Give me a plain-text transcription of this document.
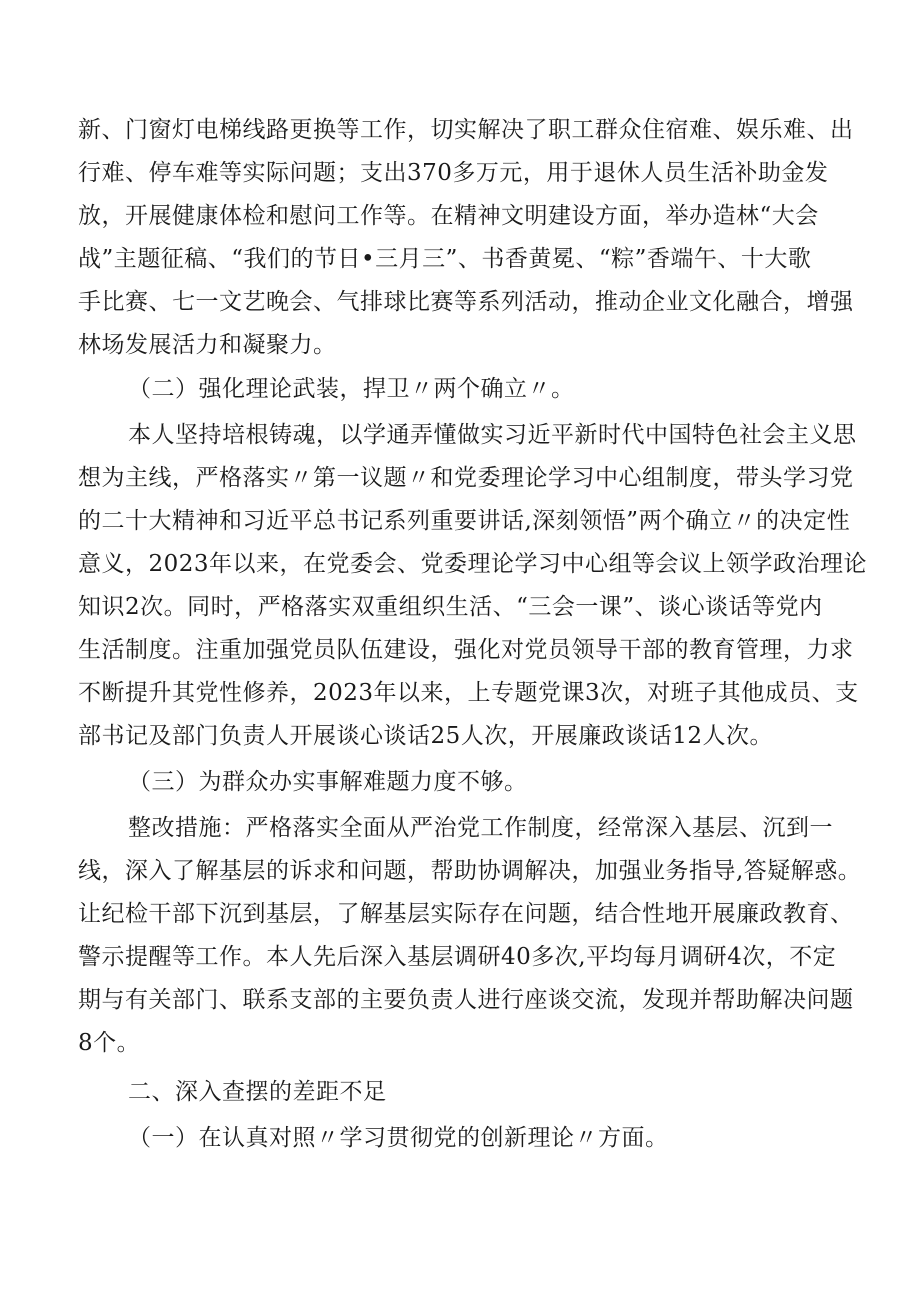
新、门窗灯电梯线路更换等工作，切实解决了职工群众住宿难、娱乐难、出

行难、停车难等实际问题；支出370多万元，用于退休人员生活补助金发

放，开展健康体检和慰问工作等。在精神文明建设方面，举办造林“大会

战”主题征稿、“我们的节日•三月三”、书香黄冕、“粽”香端午、十大歌

手比赛、七一文艺晚会、气排球比赛等系列活动，推动企业文化融合，增强

林场发展活力和凝聚力。

（二）强化理论武装，捍卫〃两个确立〃。

本人坚持培根铸魂，以学通弄懂做实习近平新时代中国特色社会主义思

想为主线，严格落实〃第一议题〃和党委理论学习中心组制度，带头学习党

的二十大精神和习近平总书记系列重要讲话,深刻领悟”两个确立〃的决定性

意义，2023年以来，在党委会、党委理论学习中心组等会议上领学政治理论

知识2次。同时，严格落实双重组织生活、“三会一课”、谈心谈话等党内

生活制度。注重加强党员队伍建设，强化对党员领导干部的教育管理，力求

不断提升其党性修养，2023年以来，上专题党课3次，对班子其他成员、支

部书记及部门负责人开展谈心谈话25人次，开展廉政谈话12人次。

（三）为群众办实事解难题力度不够。

整改措施：严格落实全面从严治党工作制度，经常深入基层、沉到一

线，深入了解基层的诉求和问题，帮助协调解决，加强业务指导,答疑解惑。

让纪检干部下沉到基层，了解基层实际存在问题，结合性地开展廉政教育、

警示提醒等工作。本人先后深入基层调研40多次,平均每月调研4次，不定

期与有关部门、联系支部的主要负责人进行座谈交流，发现并帮助解决问题

8个。

二、深入查摆的差距不足

（一）在认真对照〃学习贯彻党的创新理论〃方面。
